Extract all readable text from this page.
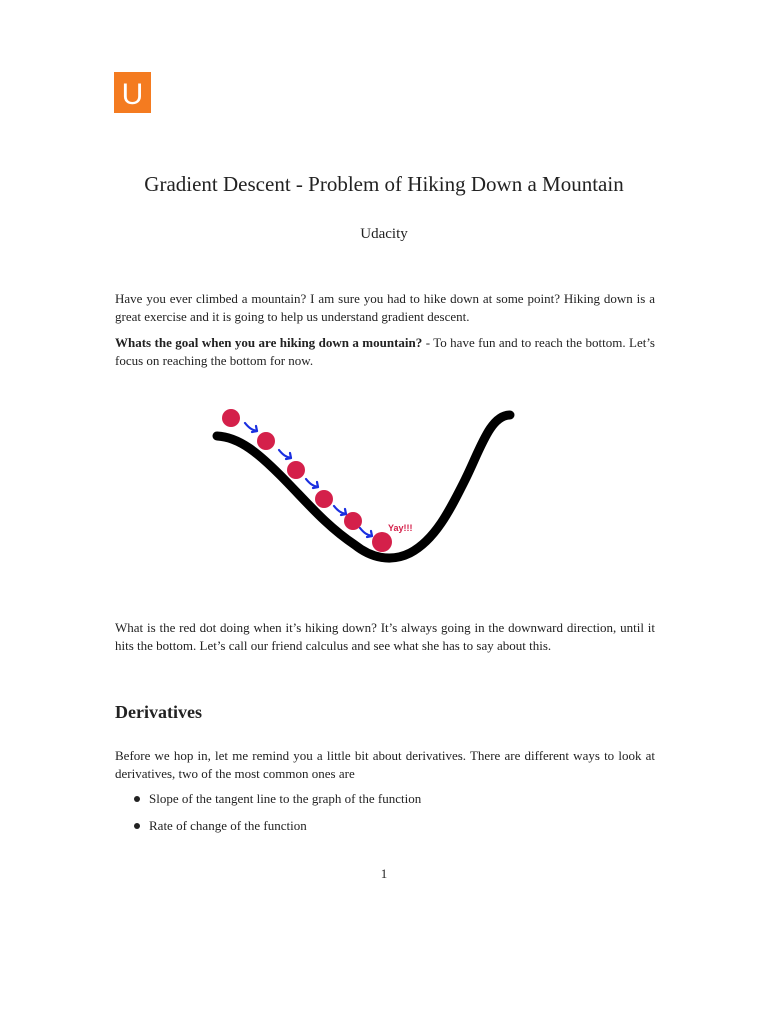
U
Gradient Descent - Problem of Hiking Down a Mountain
Udacity

Have you ever climbed a mountain? I am sure you had to hike down at some point? Hiking down is a great exercise and it is going to help us understand gradient descent.

Whats the goal when you are hiking down a mountain? - To have fun and to reach the bottom. Let’s focus on reaching the bottom for now.

Yay!!!

What is the red dot doing when it’s hiking down? It’s always going in the downward direction, until it hits the bottom. Let’s call our friend calculus and see what she has to say about this.

Derivatives

Before we hop in, let me remind you a little bit about derivatives. There are different ways to look at derivatives, two of the most common ones are

Slope of the tangent line to the graph of the function
Rate of change of the function
1
